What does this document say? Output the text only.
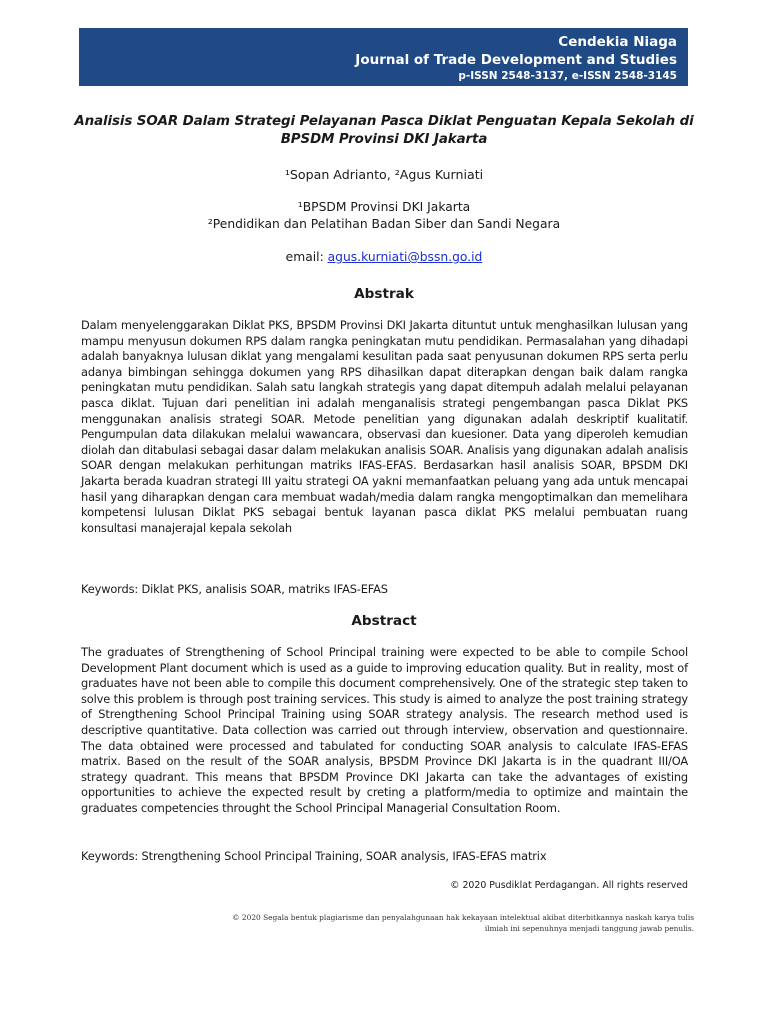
Cendekia Niaga
Journal of Trade Development and Studies
p-ISSN 2548-3137, e-ISSN 2548-3145
Analisis SOAR Dalam Strategi Pelayanan Pasca Diklat Penguatan Kepala Sekolah di BPSDM Provinsi DKI Jakarta
¹Sopan Adrianto, ²Agus Kurniati
¹BPSDM Provinsi DKI Jakarta
²Pendidikan dan Pelatihan Badan Siber dan Sandi Negara
email: agus.kurniati@bssn.go.id
Abstrak
Dalam menyelenggarakan Diklat PKS, BPSDM Provinsi DKI Jakarta dituntut untuk menghasilkan lulusan yang mampu menyusun dokumen RPS dalam rangka peningkatan mutu pendidikan. Permasalahan yang dihadapi adalah banyaknya lulusan diklat yang mengalami kesulitan pada saat penyusunan dokumen RPS serta perlu adanya bimbingan sehingga dokumen yang RPS dihasilkan dapat diterapkan dengan baik dalam rangka peningkatan mutu pendidikan. Salah satu langkah strategis yang dapat ditempuh adalah melalui pelayanan pasca diklat. Tujuan dari penelitian ini adalah menganalisis strategi pengembangan pasca Diklat PKS menggunakan analisis strategi SOAR. Metode penelitian yang digunakan adalah deskriptif kualitatif. Pengumpulan data dilakukan melalui wawancara, observasi dan kuesioner. Data yang diperoleh kemudian diolah dan ditabulasi sebagai dasar dalam melakukan analisis SOAR. Analisis yang digunakan adalah analisis SOAR dengan melakukan perhitungan matriks IFAS-EFAS. Berdasarkan hasil analisis SOAR, BPSDM DKI Jakarta berada kuadran strategi III yaitu strategi OA yakni memanfaatkan peluang yang ada untuk mencapai hasil yang diharapkan dengan cara membuat wadah/media dalam rangka mengoptimalkan dan memelihara kompetensi lulusan Diklat PKS sebagai bentuk layanan pasca diklat PKS melalui pembuatan ruang konsultasi manajerajal kepala sekolah
Keywords: Diklat PKS, analisis SOAR, matriks IFAS-EFAS
Abstract
The graduates of Strengthening of School Principal training were expected to be able to compile School Development Plant document which is used as a guide to improving education quality. But in reality, most of graduates have not been able to compile this document comprehensively. One of the strategic step taken to solve this problem is through post training services. This study is aimed to analyze the post training strategy of Strengthening School Principal Training using SOAR strategy analysis. The research method used is descriptive quantitative. Data collection was carried out through interview, observation and questionnaire. The data obtained were processed and tabulated for conducting SOAR analysis to calculate IFAS-EFAS matrix. Based on the result of the SOAR analysis, BPSDM Province DKI Jakarta is in the quadrant III/OA strategy quadrant. This means that BPSDM Province DKI Jakarta can take the advantages of existing opportunities to achieve the expected result by creting a platform/media to optimize and maintain the graduates competencies throught the School Principal Managerial Consultation Room.
Keywords: Strengthening School Principal Training, SOAR analysis, IFAS-EFAS matrix
© 2020 Pusdiklat Perdagangan. All rights reserved
© 2020 Segala bentuk plagiarisme dan penyalahgunaan hak kekayaan intelektual akibat diterbitkannya naskah karya tulis
ilmiah ini sepenuhnya menjadi tanggung jawab penulis.
